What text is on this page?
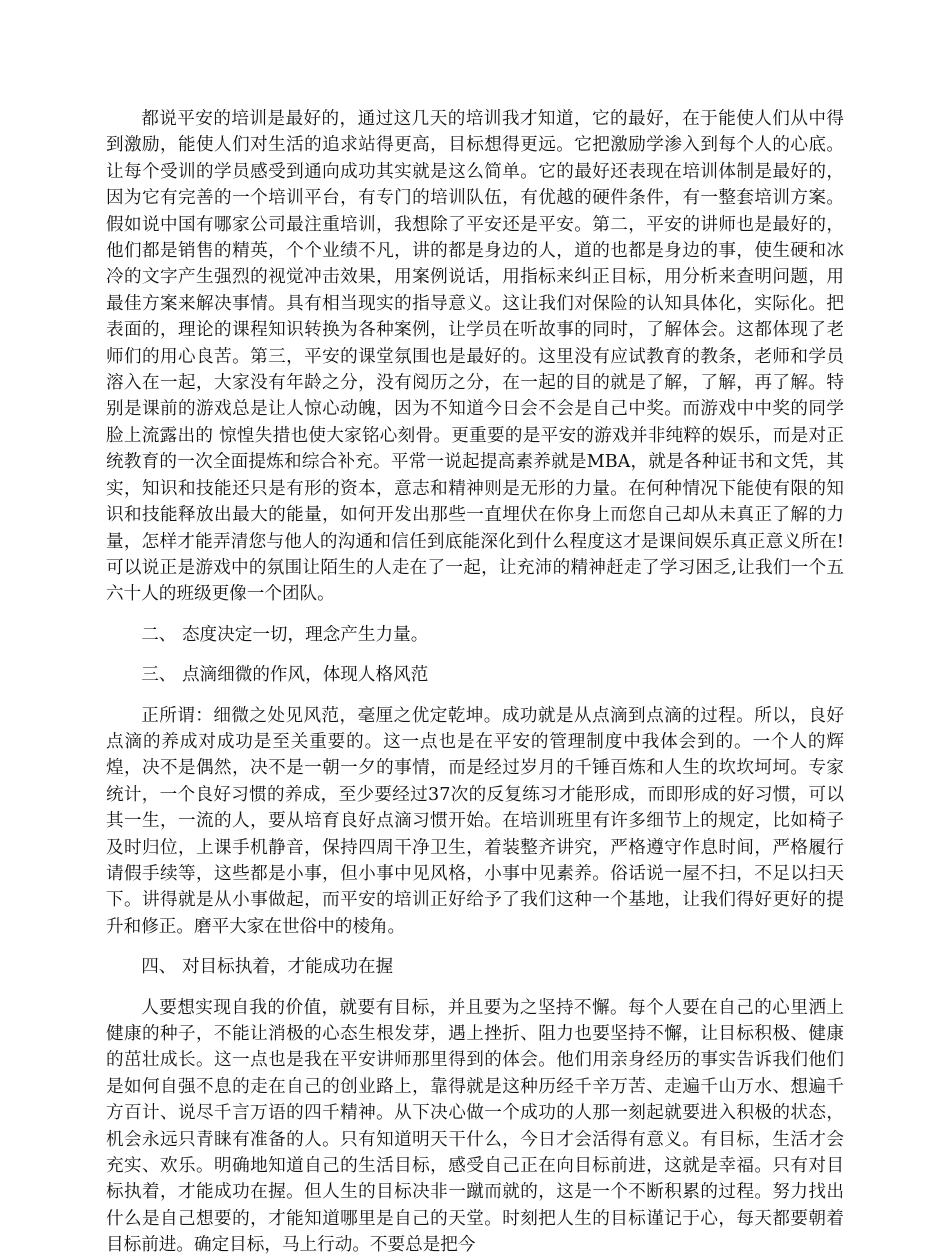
都说平安的培训是最好的，通过这几天的培训我才知道，它的最好，在于能使人们从中得到激励，能使人们对生活的追求站得更高，目标想得更远。它把激励学渗入到每个人的心底。让每个受训的学员感受到通向成功其实就是这么简单。它的最好还表现在培训体制是最好的，因为它有完善的一个培训平台，有专门的培训队伍，有优越的硬件条件，有一整套培训方案。假如说中国有哪家公司最注重培训，我想除了平安还是平安。第二，平安的讲师也是最好的，他们都是销售的精英，个个业绩不凡，讲的都是身边的人，道的也都是身边的事，使生硬和冰冷的文字产生强烈的视觉冲击效果，用案例说话，用指标来纠正目标，用分析来查明问题，用最佳方案来解决事情。具有相当现实的指导意义。这让我们对保险的认知具体化，实际化。把表面的，理论的课程知识转换为各种案例，让学员在听故事的同时，了解体会。这都体现了老师们的用心良苦。第三，平安的课堂氛围也是最好的。这里没有应试教育的教条，老师和学员溶入在一起，大家没有年龄之分，没有阅历之分，在一起的目的就是了解，了解，再了解。特别是课前的游戏总是让人惊心动魄，因为不知道今日会不会是自己中奖。而游戏中中奖的同学脸上流露出的 惊惶失措也使大家铭心刻骨。更重要的是平安的游戏并非纯粹的娱乐，而是对正统教育的一次全面提炼和综合补充。平常一说起提高素养就是MBA，就是各种证书和文凭，其实，知识和技能还只是有形的资本，意志和精神则是无形的力量。在何种情况下能使有限的知识和技能释放出最大的能量，如何开发出那些一直埋伏在你身上而您自己却从未真正了解的力量，怎样才能弄清您与他人的沟通和信任到底能深化到什么程度这才是课间娱乐真正意义所在!可以说正是游戏中的氛围让陌生的人走在了一起，让充沛的精神赶走了学习困乏,让我们一个五六十人的班级更像一个团队。

二、 态度决定一切，理念产生力量。

三、 点滴细微的作风，体现人格风范

正所谓：细微之处见风范，毫厘之优定乾坤。成功就是从点滴到点滴的过程。所以，良好点滴的养成对成功是至关重要的。这一点也是在平安的管理制度中我体会到的。一个人的辉煌，决不是偶然，决不是一朝一夕的事情，而是经过岁月的千锤百炼和人生的坎坎坷坷。专家统计，一个良好习惯的养成，至少要经过37次的反复练习才能形成，而即形成的好习惯，可以其一生，一流的人，要从培育良好点滴习惯开始。在培训班里有许多细节上的规定，比如椅子及时归位，上课手机静音，保持四周干净卫生，着装整齐讲究，严格遵守作息时间，严格履行请假手续等，这些都是小事，但小事中见风格，小事中见素养。俗话说一屋不扫，不足以扫天下。讲得就是从小事做起，而平安的培训正好给予了我们这种一个基地，让我们得好更好的提升和修正。磨平大家在世俗中的棱角。

四、 对目标执着，才能成功在握

人要想实现自我的价值，就要有目标，并且要为之坚持不懈。每个人要在自己的心里洒上健康的种子，不能让消极的心态生根发芽，遇上挫折、阻力也要坚持不懈，让目标积极、健康的茁壮成长。这一点也是我在平安讲师那里得到的体会。他们用亲身经历的事实告诉我们他们是如何自强不息的走在自己的创业路上，靠得就是这种历经千辛万苦、走遍千山万水、想遍千方百计、说尽千言万语的四千精神。从下决心做一个成功的人那一刻起就要进入积极的状态，机会永远只青睐有准备的人。只有知道明天干什么，今日才会活得有意义。有目标，生活才会充实、欢乐。明确地知道自己的生活目标，感受自己正在向目标前进，这就是幸福。只有对目标执着，才能成功在握。但人生的目标决非一蹴而就的，这是一个不断积累的过程。努力找出什么是自己想要的，才能知道哪里是自己的天堂。时刻把人生的目标谨记于心，每天都要朝着目标前进。确定目标，马上行动。不要总是把今
